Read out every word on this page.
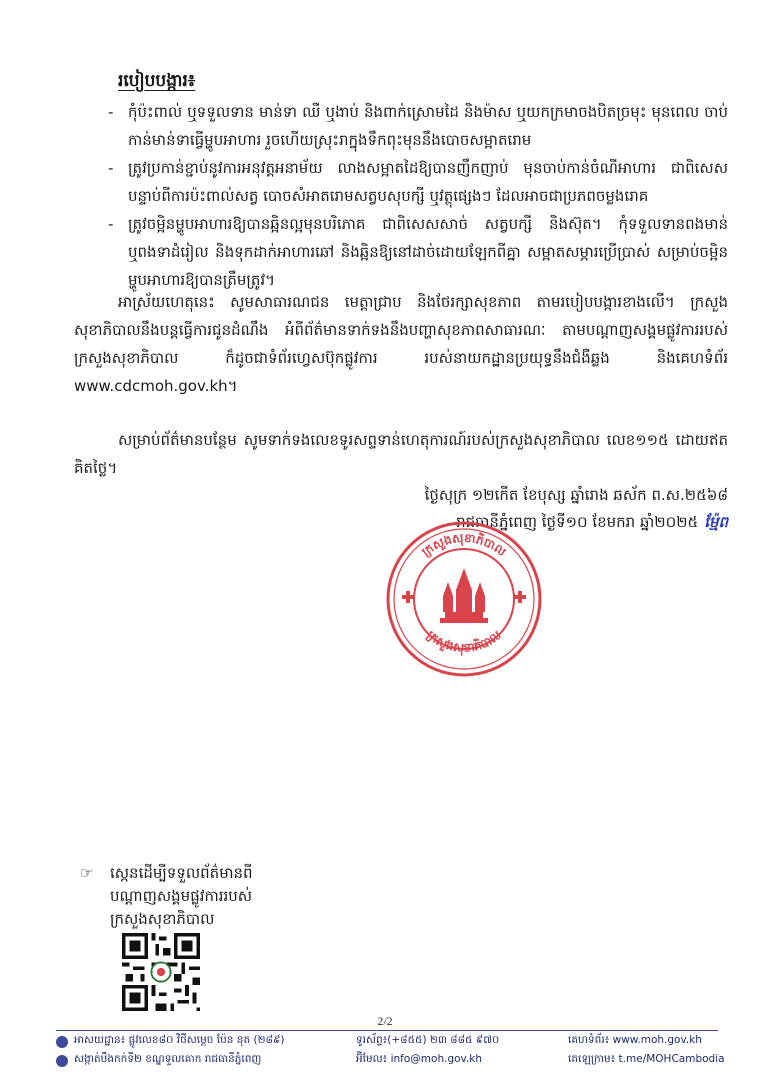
របៀបបង្ការ៖
- កុំប៉ះពាល់ ឬទទួលទាន មាន់ទា ឈឺ ឬងាប់ និងពាក់ស្រោមដៃ និងម៉ាស ឬយកក្រមាចងបិតច្រមុះ មុនពេល ចាប់កាន់មាន់ទាធ្វើម្ហូបអាហារ រួចហើយស្រុះរាក្នុងទឹកពុះមុននឹងបោចសម្អាតរោម
- ត្រូវប្រកាន់ខ្ជាប់នូវការអនុវត្តអនាម័យ លាងសម្អាតដៃឱ្យបានញឹកញាប់ មុនចាប់កាន់ចំណីអាហារ ជាពិសេសបន្ទាប់ពីការប៉ះពាល់សត្វ បោចសំអាតរោមសត្វបសុបក្សី ឬវត្ថុផ្សេងៗ ដែលអាចជាប្រភពចម្លងរោគ
- ត្រូវចម្អិនម្ហូបអាហារឱ្យបានឆ្អិនល្អមុនបរិភោគ ជាពិសេសសាច់ សត្វបក្សី និងស៊ុត។ កុំទទួលទានពងមាន់ ឬពងទាដំរៀល និងទុកដាក់អាហារឆៅ និងឆ្អិនឱ្យនៅដាច់ដោយឡែកពីគ្នា សម្អាតសម្ភារប្រើប្រាស់ សម្រាប់ចម្អិនម្ហូបអាហារឱ្យបានត្រឹមត្រូវ។
អាស្រ័យហេតុនេះ សូមសាធារណជន មេត្តាជ្រាប និងថែរក្សាសុខភាព តាមរបៀបបង្ការខាងលើ។ ក្រសួងសុខាភិបាលនឹងបន្តធ្វើការជូនដំណឹង អំពីព័ត៌មានទាក់ទងនឹងបញ្ហាសុខភាពសាធារណៈ តាមបណ្តាញសង្គមផ្លូវការរបស់ក្រសួងសុខាភិបាល ក៏ដូចជាទំព័រហ្វេសប៊ុកផ្លូវការ របស់នាយកដ្ឋានប្រយុទ្ធនឹងជំងឺឆ្លង និងគេហទំព័រ www.cdcmoh.gov.kh។
សម្រាប់ព័ត៌មានបន្ថែម សូមទាក់ទងលេខទូរសព្ទទាន់ហេតុការណ៍របស់ក្រសួងសុខាភិបាល លេខ១១៥ ដោយឥតគិតថ្លៃ។
ថ្ងៃសុក្រ ១២កើត ខែបុស្ស ឆ្នាំរោង ឆស័ក ព.ស.២៥៦៨
រាជធានីភ្នំពេញ ថ្ងៃទី១០ ខែមករា ឆ្នាំ២០២៥ ម្ម៉ែព
ក្រសួងសុខាភិបាល
ក្រសួងសុខាភិបាល
☞	ស្កេនដើម្បីទទួលព័ត៌មានពី
បណ្តាញសង្គមផ្លូវការរបស់
ក្រសួងសុខាភិបាល
2/2
អាសយដ្ឋាន៖ ផ្លូវលេខ៨០ វិថីសម្តេច ប៉ែន នុត (២៨៩)
សង្កាត់បឹងកក់ទី២ ខណ្ឌទួលគោក រាជធានីភ្នំពេញ
ទូរស័ព្ទ៖(+៨៥៥) ២៣ ៨៨៥ ៩៧០
អ៊ីមែល៖ info@moh.gov.kh
គេហទំព័រ៖ www.moh.gov.kh
តេឡេក្រាម៖ t.me/MOHCambodia
